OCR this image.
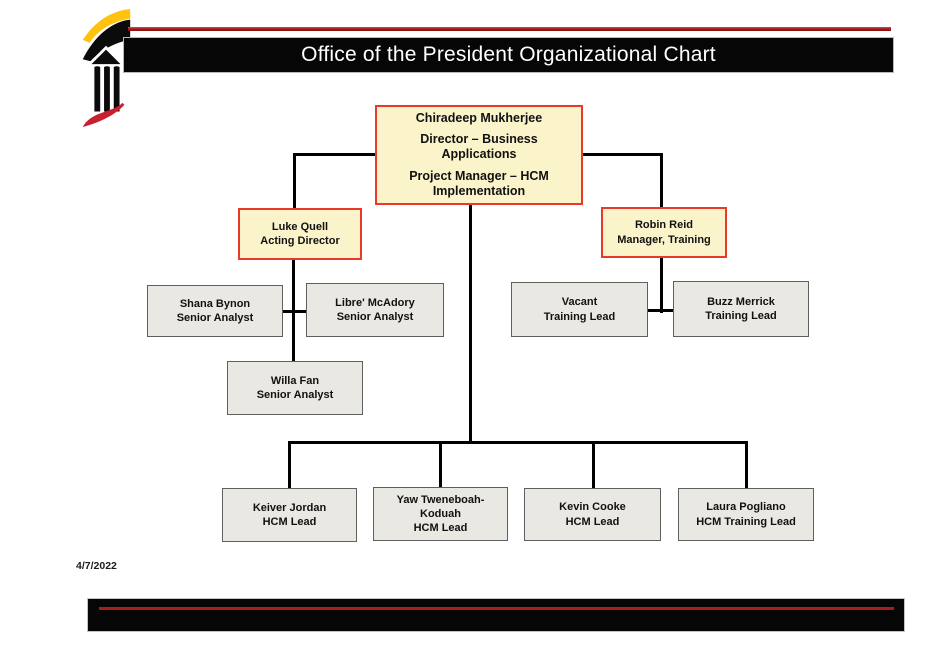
Office of the President Organizational Chart
Chiradeep Mukherjee
Director – Business Applications
Project Manager – HCM Implementation
Luke Quell
Acting Director
Robin Reid
Manager, Training
Shana Bynon
Senior Analyst
Libre' McAdory
Senior Analyst
Willa Fan
Senior Analyst
Vacant
Training Lead
Buzz Merrick
Training Lead
Keiver Jordan
HCM Lead
Yaw Tweneboah-Koduah
HCM Lead
Kevin Cooke
HCM Lead
Laura Pogliano
HCM Training Lead
4/7/2022
